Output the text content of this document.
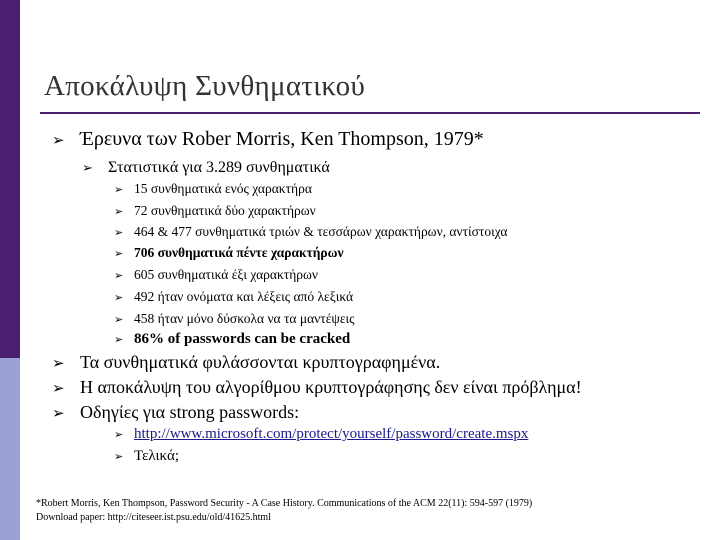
Αποκάλυψη Συνθηματικού
➢ Έρευνα των Rober Morris, Ken Thompson, 1979*
➢ Στατιστικά για 3.289 συνθηματικά
➢ 15 συνθηματικά ενός χαρακτήρα
➢ 72 συνθηματικά δύο χαρακτήρων
➢ 464 & 477 συνθηματικά τριών & τεσσάρων χαρακτήρων, αντίστοιχα
➢ 706 συνθηματικά πέντε χαρακτήρων
➢ 605 συνθηματικά έξι χαρακτήρων
➢ 492 ήταν ονόματα και λέξεις από λεξικά
➢ 458 ήταν μόνο δύσκολα να τα μαντέψεις
➢ 86% of passwords can be cracked
➢ Τα συνθηματικά φυλάσσονται κρυπτογραφημένα.
➢ Η αποκάλυψη του αλγορίθμου κρυπτογράφησης δεν είναι πρόβλημα!
➢ Οδηγίες για strong passwords:
➢ http://www.microsoft.com/protect/yourself/password/create.mspx
➢ Τελικά;
*Robert Morris, Ken Thompson, Password Security - A Case History. Communications of the ACM 22(11): 594-597 (1979)
Download paper: http://citeseer.ist.psu.edu/old/41625.html
